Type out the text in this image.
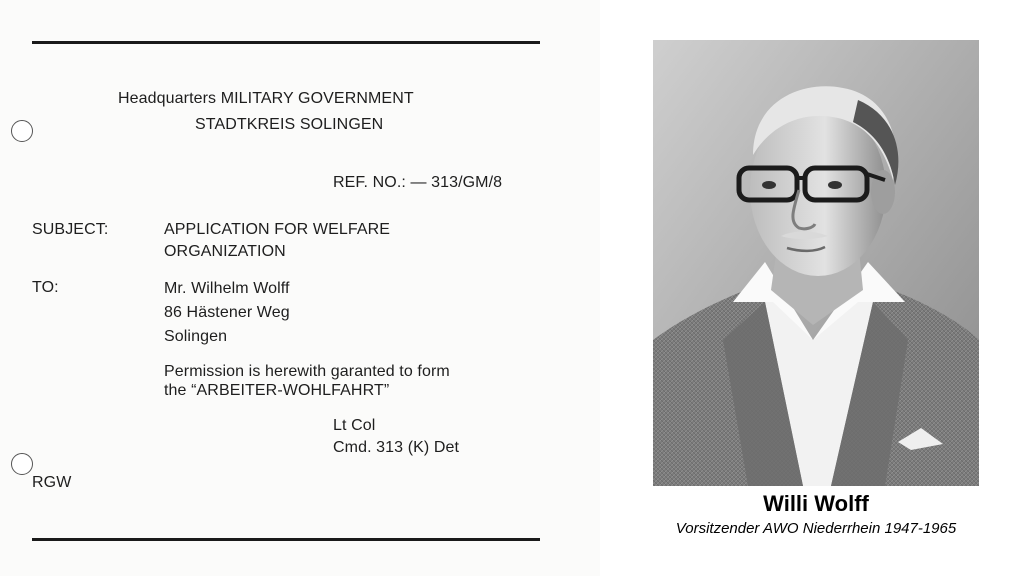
Headquarters MILITARY GOVERNMENT
STADTKREIS SOLINGEN
REF. NO.: — 313/GM/8
SUBJECT:	APPLICATION FOR WELFARE
ORGANIZATION
TO:	Mr. Wilhelm Wolff
86 Hästener Weg
Solingen
Permission is herewith garanted to form
the “ARBEITER-WOHLFAHRT”
Lt Col
Cmd. 313 (K) Det
RGW
Willi Wolff
Vorsitzender AWO Niederrhein 1947-1965
